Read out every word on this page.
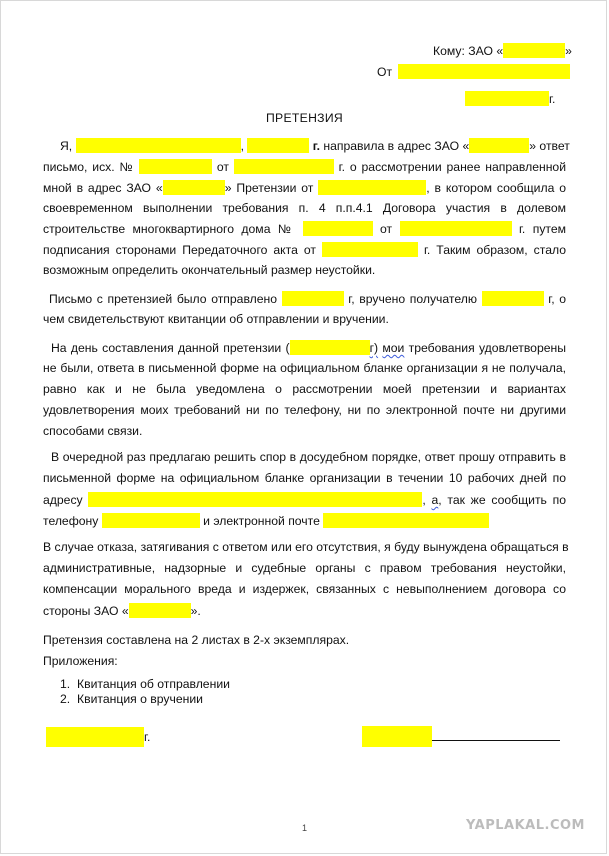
Кому: ЗАО «	»
От
г.
ПРЕТЕНЗИЯ
Я,	,	г. направила в адрес ЗАО «	» ответ
письмо, исх. №	от	г. о рассмотрении ранее направленной
мной в адрес ЗАО «	» Претензии от	, в котором сообщила о
своевременном выполнении требования п. 4 п.п.4.1 Договора участия в долевом
строительстве многоквартирного дома №	от	г. путем
подписания сторонами Передаточного акта от	г. Таким образом, стало
возможным определить окончательный размер неустойки.
Письмо с претензией было отправлено	г, вручено получателю	г, о
чем свидетельствуют квитанции об отправлении и вручении.
На день составления данной претензии (	г) мои требования удовлетворены
не были, ответа в письменной форме на официальном бланке организации я не получала,
равно как и не была уведомлена о рассмотрении моей претензии и вариантах
удовлетворения моих требований ни по телефону, ни по электронной почте ни другими
способами связи.
В очередной раз предлагаю решить спор в досудебном порядке, ответ прошу отправить в
письменной форме на официальном бланке организации в течении 10 рабочих дней по
адресу	, а, так же сообщить по
телефону	и электронной почте
В случае отказа, затягивания с ответом или его отсутствия, я буду вынуждена обращаться в
административные, надзорные и судебные органы с правом требования неустойки,
компенсации морального вреда и издержек, связанных с невыполнением договора со
стороны ЗАО «	».
Претензия составлена на 2 листах в 2-х экземплярах.
Приложения:
1. Квитанция об отправлении
2. Квитанция о вручении
г.
1	YAPLAKAL.COM
